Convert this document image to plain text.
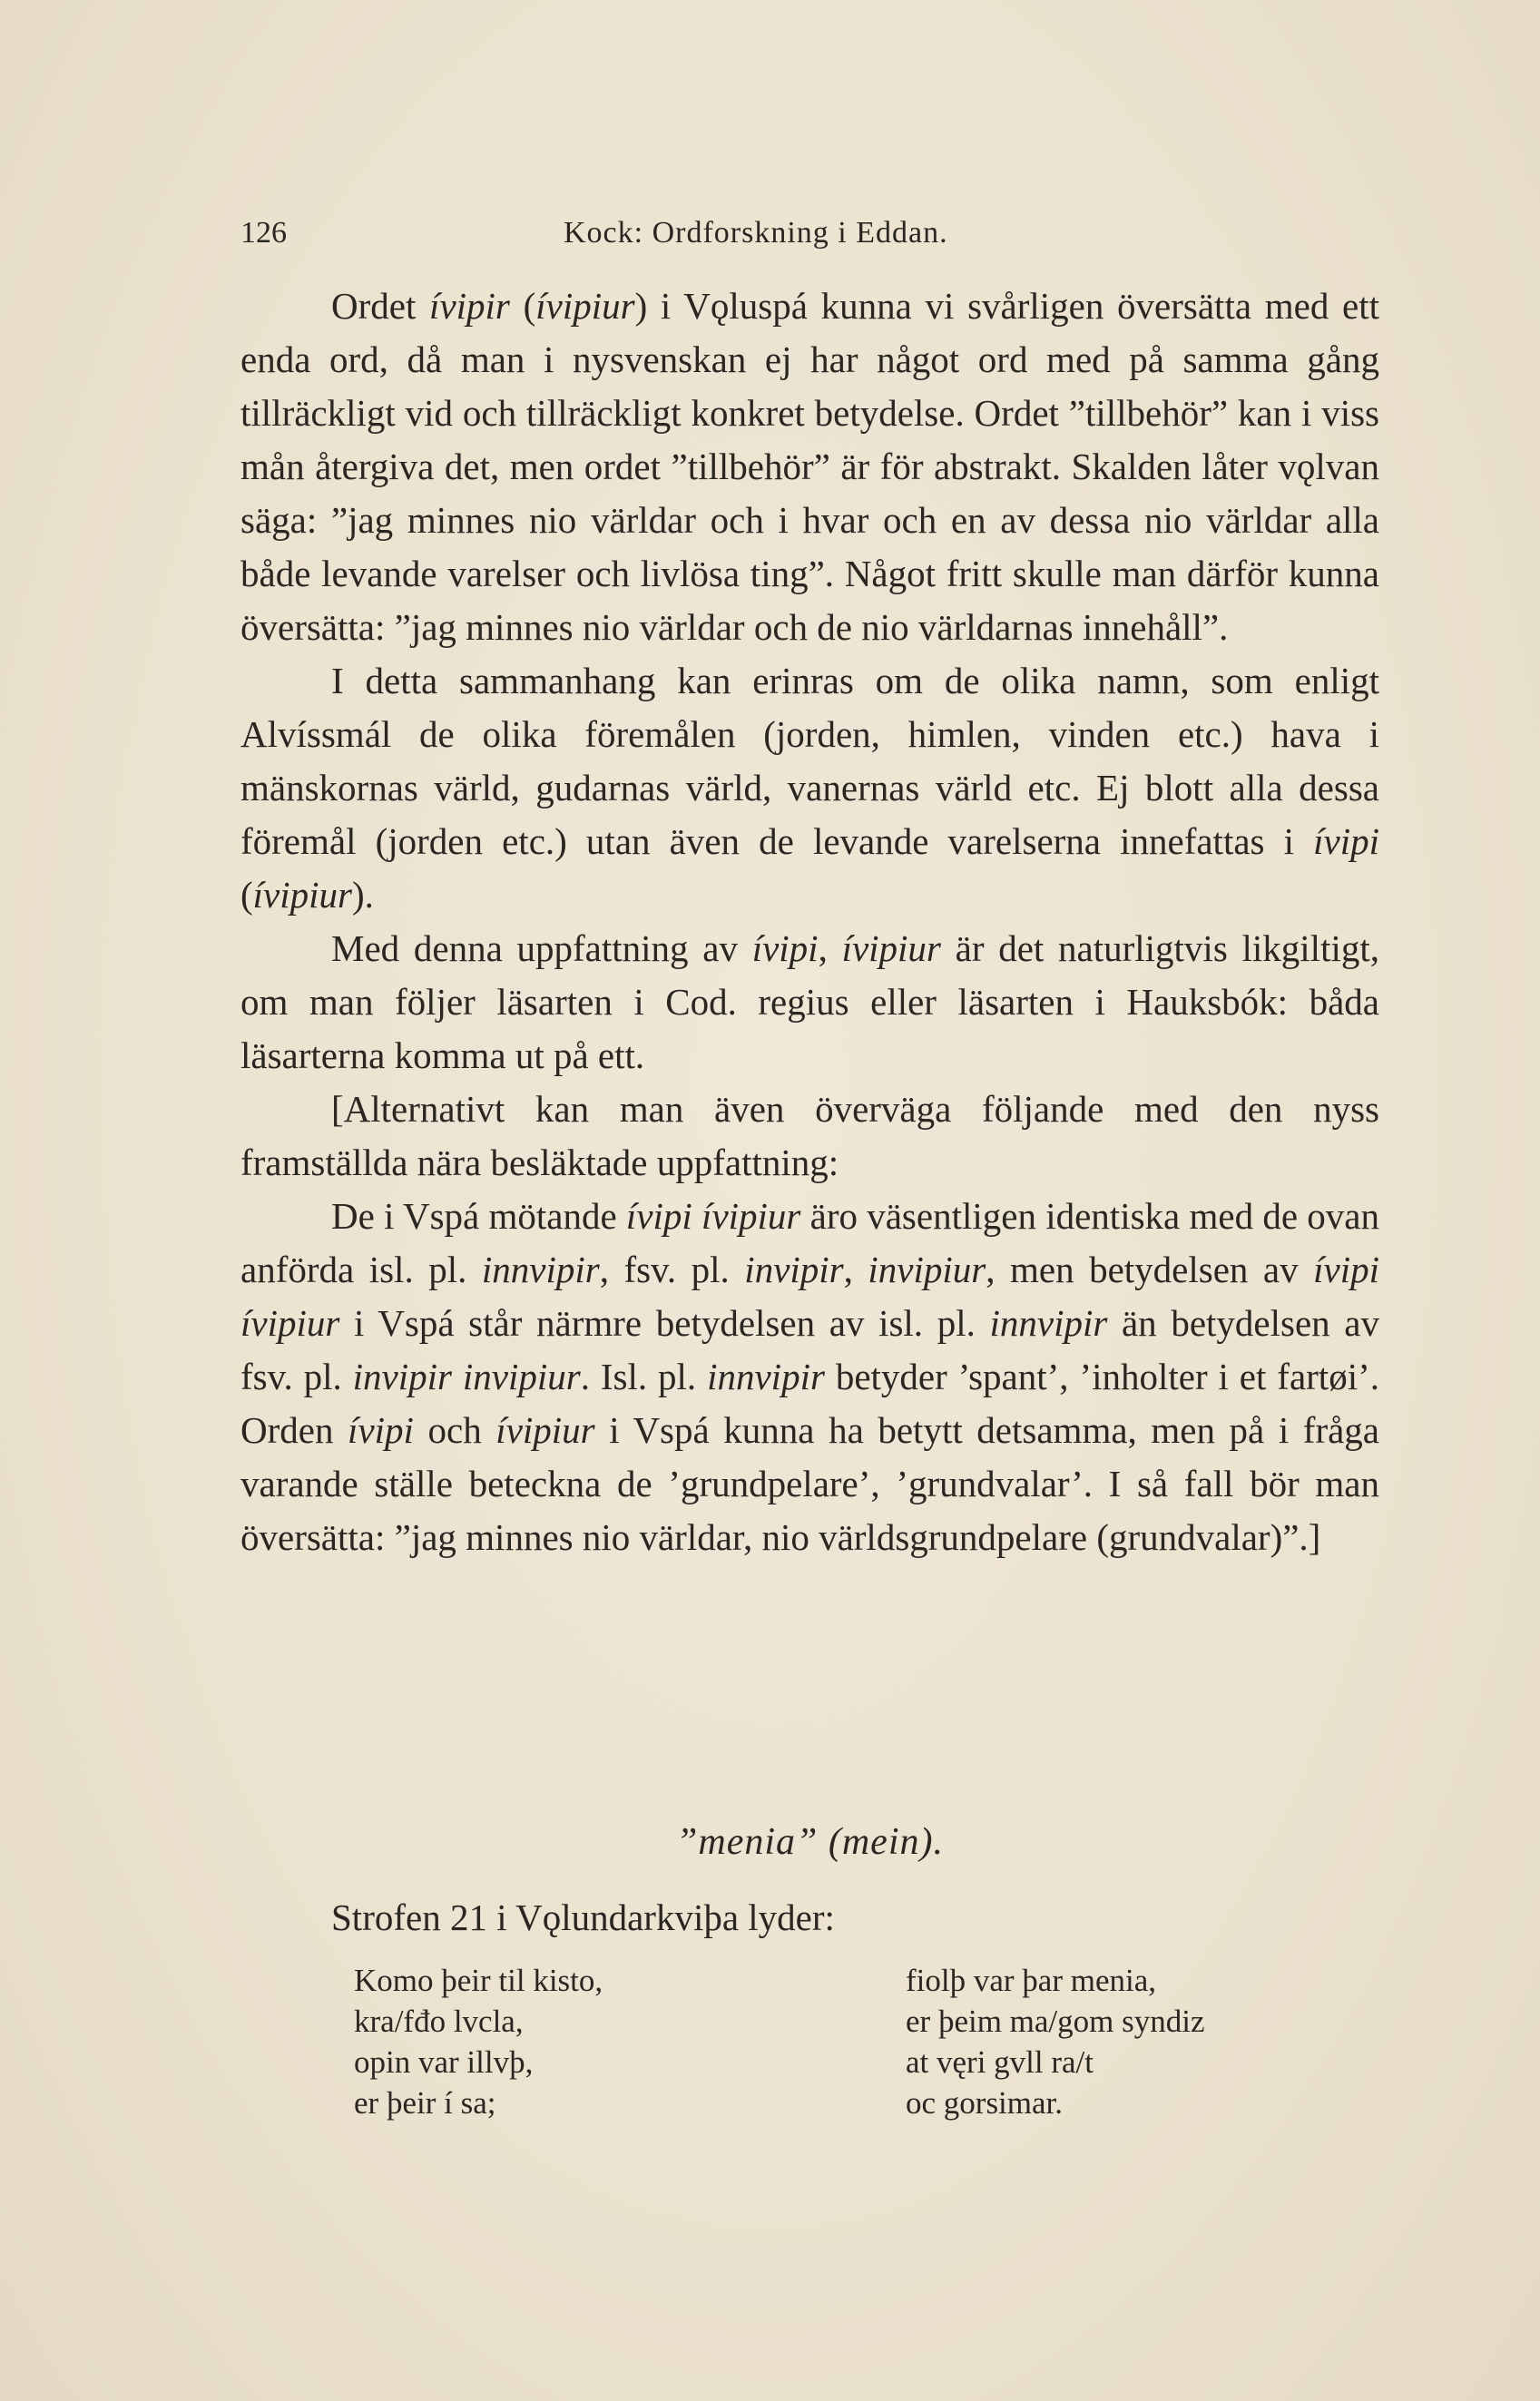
126	Kock: Ordforskning i Eddan.

Ordet ívipir (ívipiur) i Vǫluspá kunna vi svårligen översätta med ett enda ord, då man i nysvenskan ej har något ord med på samma gång tillräckligt vid och tillräckligt konkret betydelse. Ordet ”tillbehör” kan i viss mån återgiva det, men ordet ”tillbehör” är för abstrakt. Skalden låter vǫlvan säga: ”jag minnes nio världar och i hvar och en av dessa nio världar alla både levande varelser och livlösa ting”. Något fritt skulle man därför kunna översätta: ”jag minnes nio världar och de nio världarnas innehåll”.

I detta sammanhang kan erinras om de olika namn, som enligt Alvíssmál de olika föremålen (jorden, himlen, vinden etc.) hava i mänskornas värld, gudarnas värld, vanernas värld etc. Ej blott alla dessa föremål (jorden etc.) utan även de levande varelserna innefattas i ívipi (ívipiur).

Med denna uppfattning av ívipi, ívipiur är det naturligtvis likgiltigt, om man följer läsarten i Cod. regius eller läsarten i Hauksbók: båda läsarterna komma ut på ett.

[Alternativt kan man även överväga följande med den nyss framställda nära besläktade uppfattning:

De i Vspá mötande ívipi ívipiur äro väsentligen identiska med de ovan anförda isl. pl. innvipir, fsv. pl. invipir, invipiur, men betydelsen av ívipi ívipiur i Vspá står närmre betydelsen av isl. pl. innvipir än betydelsen av fsv. pl. invipir invipiur. Isl. pl. innvipir betyder ’spant’, ’inholter i et fartøi’. Orden ívipi och ívipiur i Vspá kunna ha betytt detsamma, men på i fråga varande ställe beteckna de ’grundpelare’, ’grundvalar’. I så fall bör man översätta: ”jag minnes nio världar, nio världsgrundpelare (grundvalar)”.]

”menia” (mein).
Strofen 21 i Vǫlundarkviþa lyder:
Komo þeir til kisto,
kra/fđo lvcla,
opin var illvþ,
er þeir í sa;
fiolþ var þar menia,
er þeim ma/gom syndiz
at vęri gvll ra/t
oc gorsimar.
